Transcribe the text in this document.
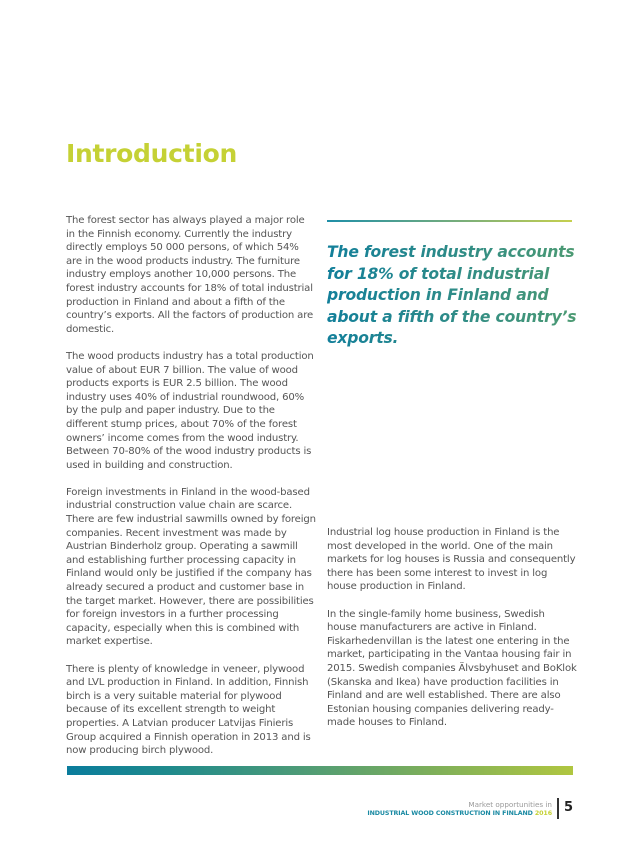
Introduction

The forest sector has always played a major role in the Finnish economy. Currently the industry directly employs 50 000 persons, of which 54% are in the wood products industry. The furniture industry employs another 10,000 persons. The forest industry accounts for 18% of total industrial production in Finland and about a fifth of the country’s exports. All the factors of production are domestic.

The wood products industry has a total production value of about EUR 7 billion. The value of wood products exports is EUR 2.5 billion. The wood industry uses 40% of industrial roundwood, 60% by the pulp and paper industry. Due to the different stump prices, about 70% of the forest owners’ income comes from the wood industry. Between 70-80% of the wood industry products is used in building and construction.

Foreign investments in Finland in the wood-based industrial construction value chain are scarce. There are few industrial sawmills owned by foreign companies. Recent investment was made by Austrian Binderholz group. Operating a sawmill and establishing further processing capacity in Finland would only be justified if the company has already secured a product and customer base in the target market. However, there are possibilities for foreign investors in a further processing capacity, especially when this is combined with market expertise.

There is plenty of knowledge in veneer, plywood and LVL production in Finland. In addition, Finnish birch is a very suitable material for plywood because of its excellent strength to weight properties. A Latvian producer Latvijas Finieris Group acquired a Finnish operation in 2013 and is now producing birch plywood.

The forest industry accounts for 18% of total industrial production in Finland and about a fifth of the country’s exports.

Industrial log house production in Finland is the most developed in the world. One of the main markets for log houses is Russia and consequently there has been some interest to invest in log house production in Finland.

In the single-family home business, Swedish house manufacturers are active in Finland. Fiskarhedenvillan is the latest one entering in the market, participating in the Vantaa housing fair in 2015. Swedish companies Älvsbyhuset and BoKlok (Skanska and Ikea) have production facilities in Finland and are well established. There are also Estonian housing companies delivering ready-made houses to Finland.

Market opportunities in
INDUSTRIAL WOOD CONSTRUCTION IN FINLAND 2016 5
